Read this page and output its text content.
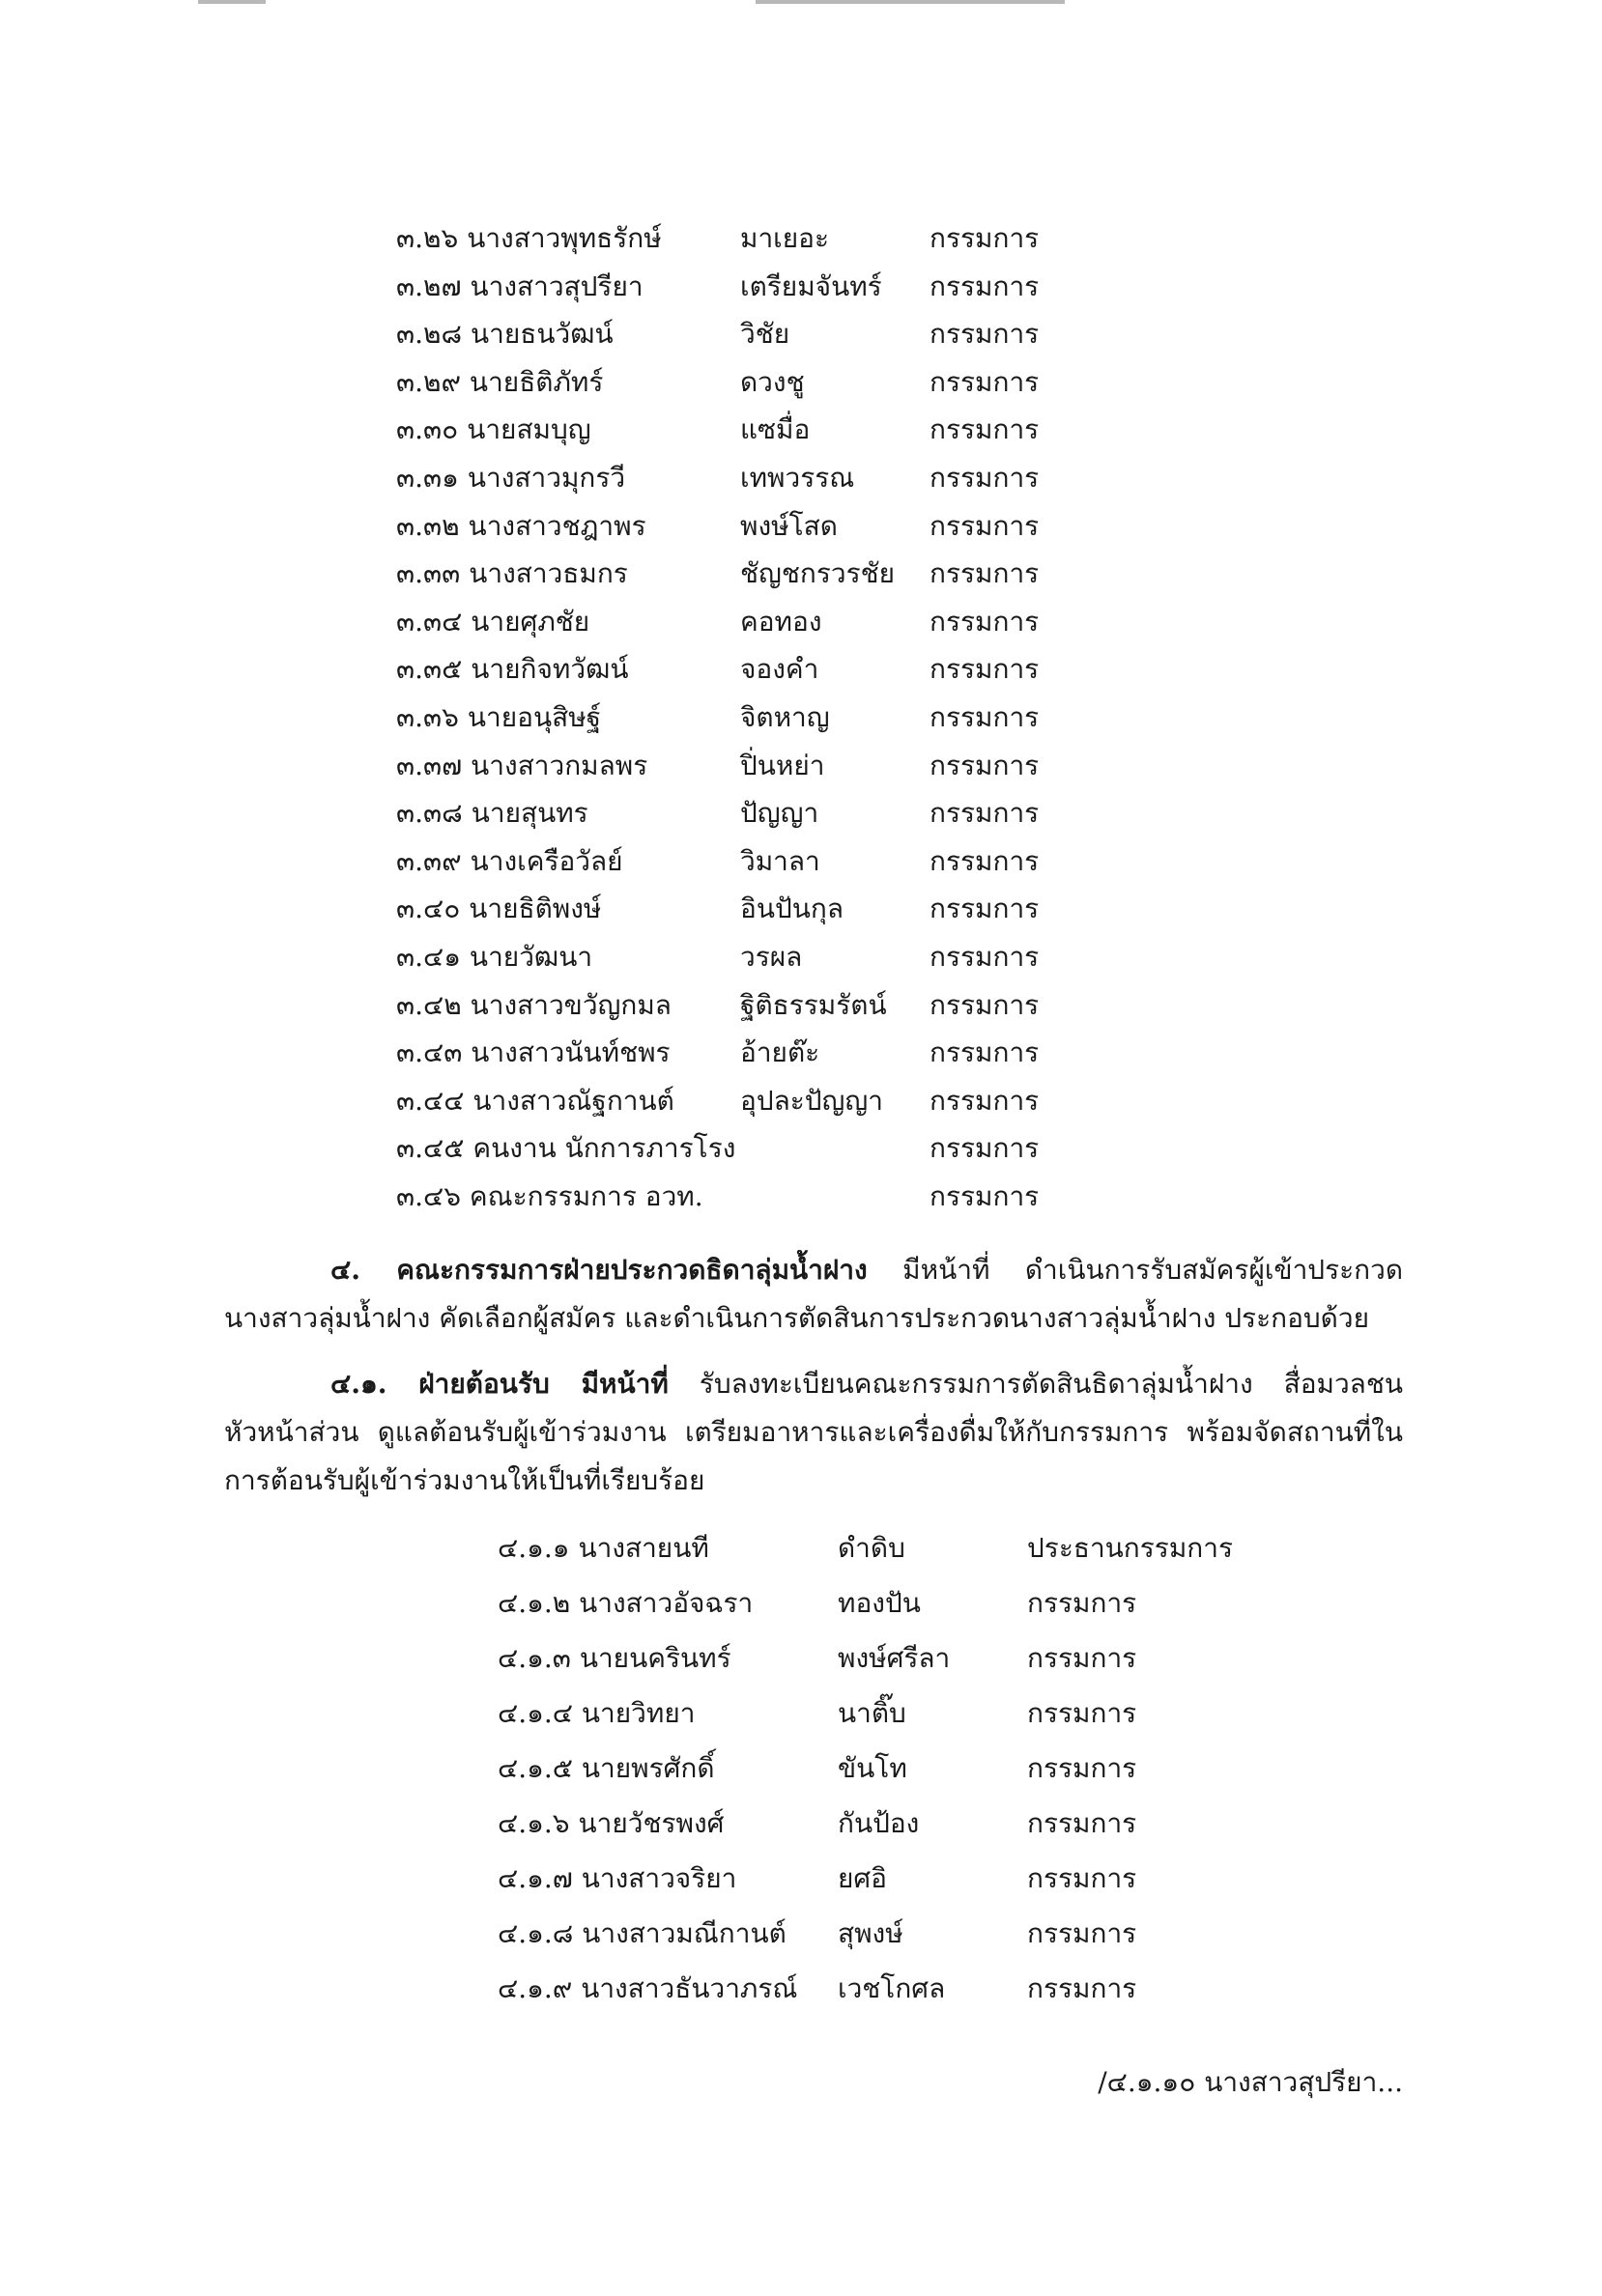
๓.๒๖ นางสาวพุทธรักษ์	มาเยอะ	กรรมการ
๓.๒๗ นางสาวสุปรียา	เตรียมจันทร์ กรรมการ
๓.๒๘ นายธนวัฒน์	วิชัย	กรรมการ
๓.๒๙ นายธิติภัทร์	ดวงชู	กรรมการ
๓.๓๐ นายสมบุญ	แซมื่อ	กรรมการ
๓.๓๑ นางสาวมุกรวี	เทพวรรณ	กรรมการ
๓.๓๒ นางสาวชฎาพร	พงษ์โสด	กรรมการ
๓.๓๓ นางสาวธมกร	ชัญชกรวรชัย กรรมการ
๓.๓๔ นายศุภชัย	คอทอง	กรรมการ
๓.๓๕ นายกิจทวัฒน์	จองคำ	กรรมการ
๓.๓๖ นายอนุสิษฐ์	จิตหาญ	กรรมการ
๓.๓๗ นางสาวกมลพร	ปิ่นหย่า	กรรมการ
๓.๓๘ นายสุนทร	ปัญญา	กรรมการ
๓.๓๙ นางเครือวัลย์	วิมาลา	กรรมการ
๓.๔๐ นายธิติพงษ์	อินปันกุล	กรรมการ
๓.๔๑ นายวัฒนา	วรผล	กรรมการ
๓.๔๒ นางสาวขวัญกมล	ฐิติธรรมรัตน์ กรรมการ
๓.๔๓ นางสาวนันท์ชพร	อ้ายต๊ะ	กรรมการ
๓.๔๔ นางสาวณัฐกานต์ อุปละปัญญา กรรมการ
๓.๔๕ คนงาน นักการภารโรง	กรรมการ
๓.๔๖ คณะกรรมการ อวท.	กรรมการ

๔. คณะกรรมการฝ่ายประกวดธิดาลุ่มน้ำฝาง มีหน้าที่ ดำเนินการรับสมัครผู้เข้าประกวดนางสาวลุ่มน้ำฝาง คัดเลือกผู้สมัคร และดำเนินการตัดสินการประกวดนางสาวลุ่มน้ำฝาง ประกอบด้วย

๔.๑. ฝ่ายต้อนรับ มีหน้าที่ รับลงทะเบียนคณะกรรมการตัดสินธิดาลุ่มน้ำฝาง สื่อมวลชน หัวหน้าส่วน ดูแลต้อนรับผู้เข้าร่วมงาน เตรียมอาหารและเครื่องดื่มให้กับกรรมการ พร้อมจัดสถานที่ในการต้อนรับผู้เข้าร่วมงานให้เป็นที่เรียบร้อย

๔.๑.๑ นางสายนที	ดำดิบ	ประธานกรรมการ
๔.๑.๒ นางสาวอัจฉรา	ทองปัน	กรรมการ
๔.๑.๓ นายนครินทร์	พงษ์ศรีลา	กรรมการ
๔.๑.๔ นายวิทยา	นาติ๊บ	กรรมการ
๔.๑.๕ นายพรศักดิ์	ขันโท	กรรมการ
๔.๑.๖ นายวัชรพงศ์	กันป้อง	กรรมการ
๔.๑.๗ นางสาวจริยา	ยศอิ	กรรมการ
๔.๑.๘ นางสาวมณีกานต์ สุพงษ์	กรรมการ
๔.๑.๙ นางสาวธันวาภรณ์ เวชโกศล	กรรมการ
/๔.๑.๑๐ นางสาวสุปรียา...
